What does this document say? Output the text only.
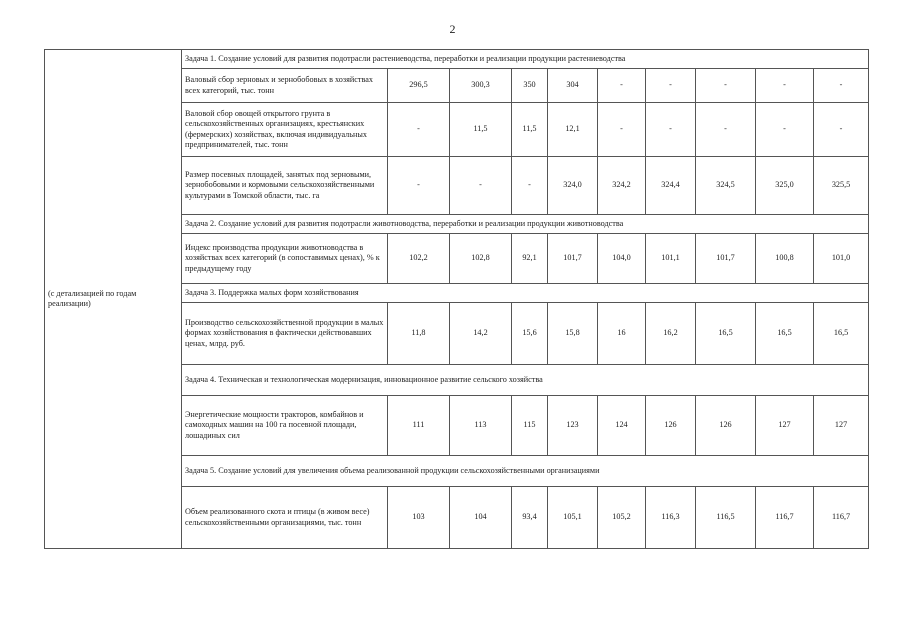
2
(с детализацией по годам реализации)	Задача 1. Создание условий для развития подотрасли растениеводства, переработки и реализации продукции растениеводства									
	Валовый сбор зерновых и зернобобовых в хозяйствах всех категорий, тыс. тонн	296,5	300,3	350	304	-	-	-	-	-
	Валовой сбор овощей открытого грунта в сельскохозяйственных организациях, крестьянских (фермерских) хозяйствах, включая индивидуальных предпринимателей, тыс. тонн	-	11,5	11,5	12,1	-	-	-	-	-
	Размер посевных площадей, занятых под зерновыми, зернобобовыми и кормовыми сельскохозяйственными культурами в Томской области, тыс. га	-	-	-	324,0	324,2	324,4	324,5	325,0	325,5
	Задача 2. Создание условий для развития подотрасли животноводства, переработки и реализации продукции животноводства									
	Индекс производства продукции животноводства в хозяйствах всех категорий (в сопоставимых ценах), % к предыдущему году	102,2	102,8	92,1	101,7	104,0	101,1	101,7	100,8	101,0
	Задача 3. Поддержка малых форм хозяйствования									
	Производство сельскохозяйственной продукции в малых формах хозяйствования в фактически действовавших ценах, млрд. руб.	11,8	14,2	15,6	15,8	16	16,2	16,5	16,5	16,5
	Задача 4. Техническая и технологическая модернизация, инновационное развитие сельского хозяйства									
	Энергетические мощности тракторов, комбайнов и самоходных машин на 100 га посевной площади, лошадиных сил	111	113	115	123	124	126	126	127	127
	Задача 5. Создание условий для увеличения объема реализованной продукции сельскохозяйственными организациями									
	Объем реализованного скота и птицы (в живом весе) сельскохозяйственными организациями, тыс. тонн	103	104	93,4	105,1	105,2	116,3	116,5	116,7	116,7
